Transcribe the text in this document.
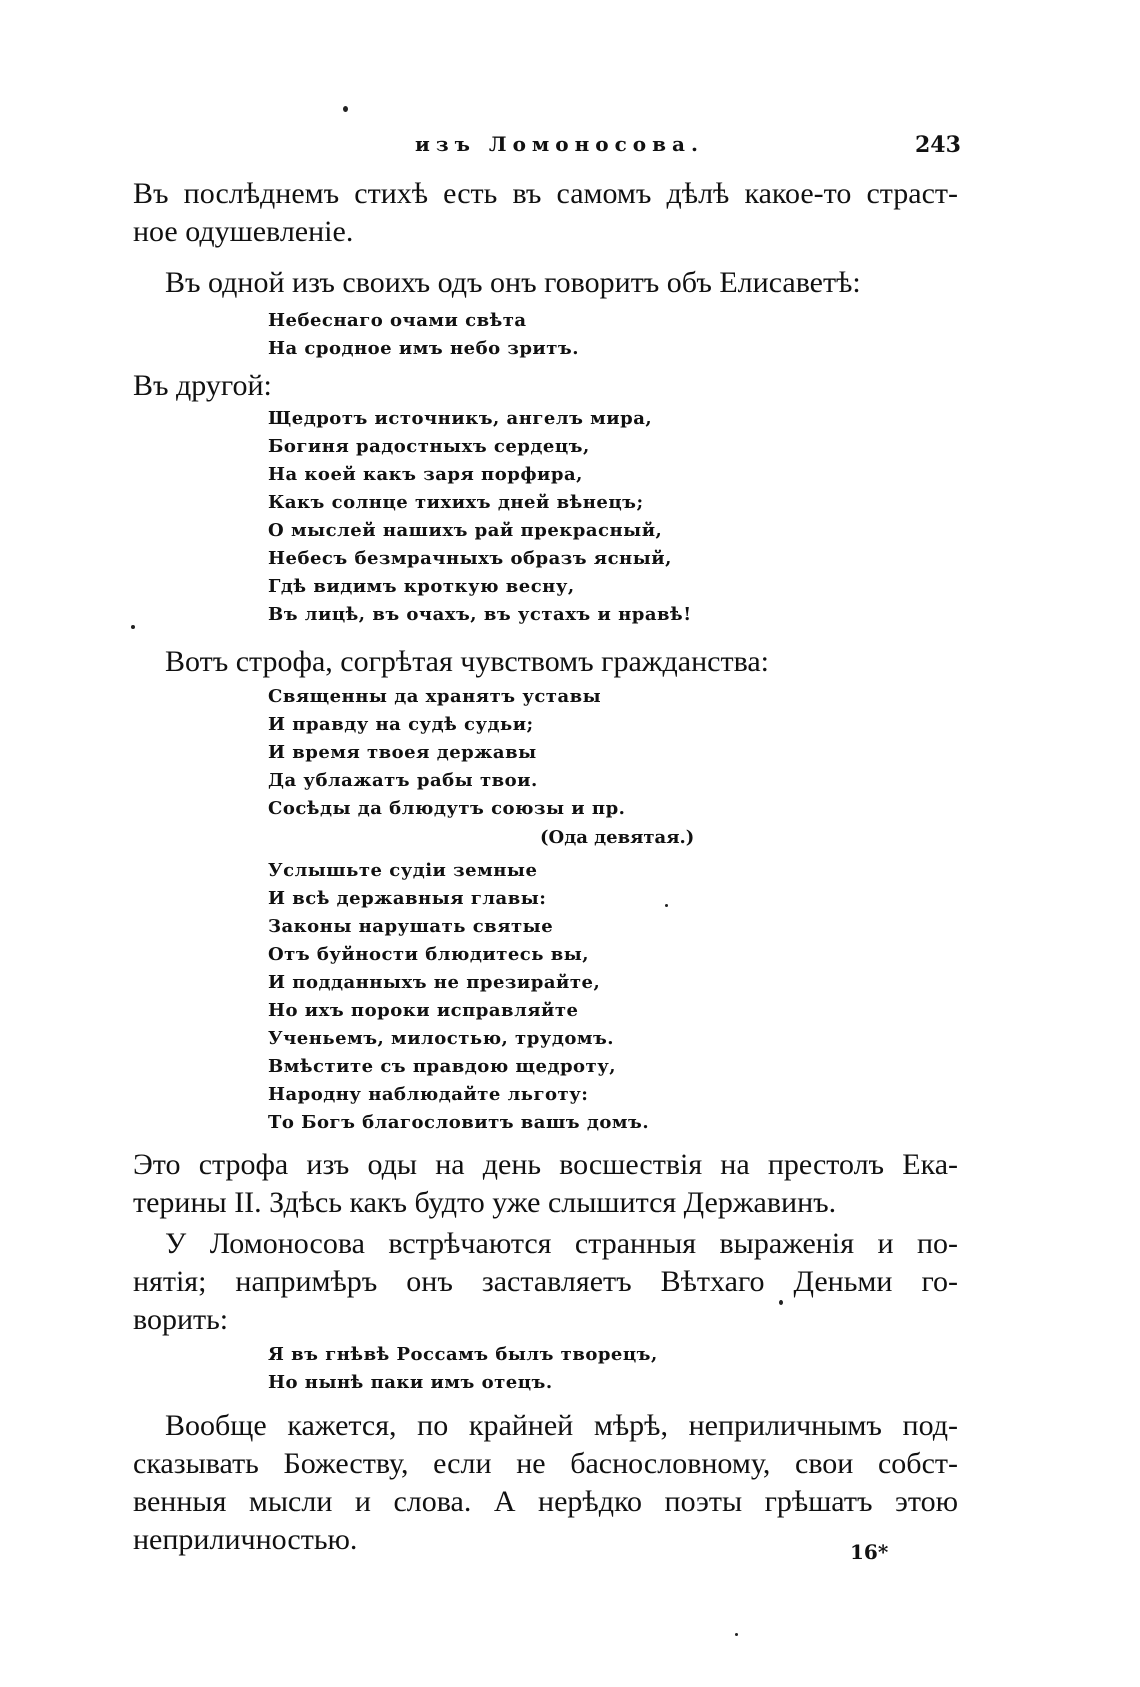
изъ Ломоносова.	243
Въ послѣднемъ стихѣ есть въ самомъ дѣлѣ какое-то страст-
ное одушевленіе.
Въ одной изъ своихъ одъ онъ говоритъ объ Елисаветѣ:
Небеснаго очами свѣта
На сродное имъ небо зритъ.
Въ другой:
Щедротъ источникъ, ангелъ мира,
Богиня радостныхъ сердецъ,
На коей какъ заря порфира,
Какъ солнце тихихъ дней вѣнецъ;
О мыслей нашихъ рай прекрасный,
Небесъ безмрачныхъ образъ ясный,
Гдѣ видимъ кроткую весну,
Въ лицѣ, въ очахъ, въ устахъ и нравѣ!
Вотъ строфа, согрѣтая чувствомъ гражданства:
Священны да хранятъ уставы
И правду на судѣ судьи;
И время твоея державы
Да ублажатъ рабы твои.
Сосѣды да блюдутъ союзы и пр.
(Ода девятая.)
Услышьте судіи земные
И всѣ державныя главы:
Законы нарушать святые
Отъ буйности блюдитесь вы,
И подданныхъ не презирайте,
Но ихъ пороки исправляйте
Ученьемъ, милостью, трудомъ.
Вмѣстите съ правдою щедроту,
Народну наблюдайте льготу:
То Богъ благословитъ вашъ домъ.
Это строфа изъ оды на день восшествія на престолъ Ека-
терины II. Здѣсь какъ будто уже слышится Державинъ.
У Ломоносова встрѣчаются странныя выраженія и по-
нятія; напримѣръ онъ заставляетъ Вѣтхаго Деньми го-
ворить:
Я въ гнѣвѣ Россамъ былъ творецъ,
Но нынѣ паки имъ отецъ.
Вообще кажется, по крайней мѣрѣ, неприличнымъ под-
сказывать Божеству, если не баснословному, свои собст-
венныя мысли и слова. А нерѣдко поэты грѣшатъ этою
неприличностью.	16*
